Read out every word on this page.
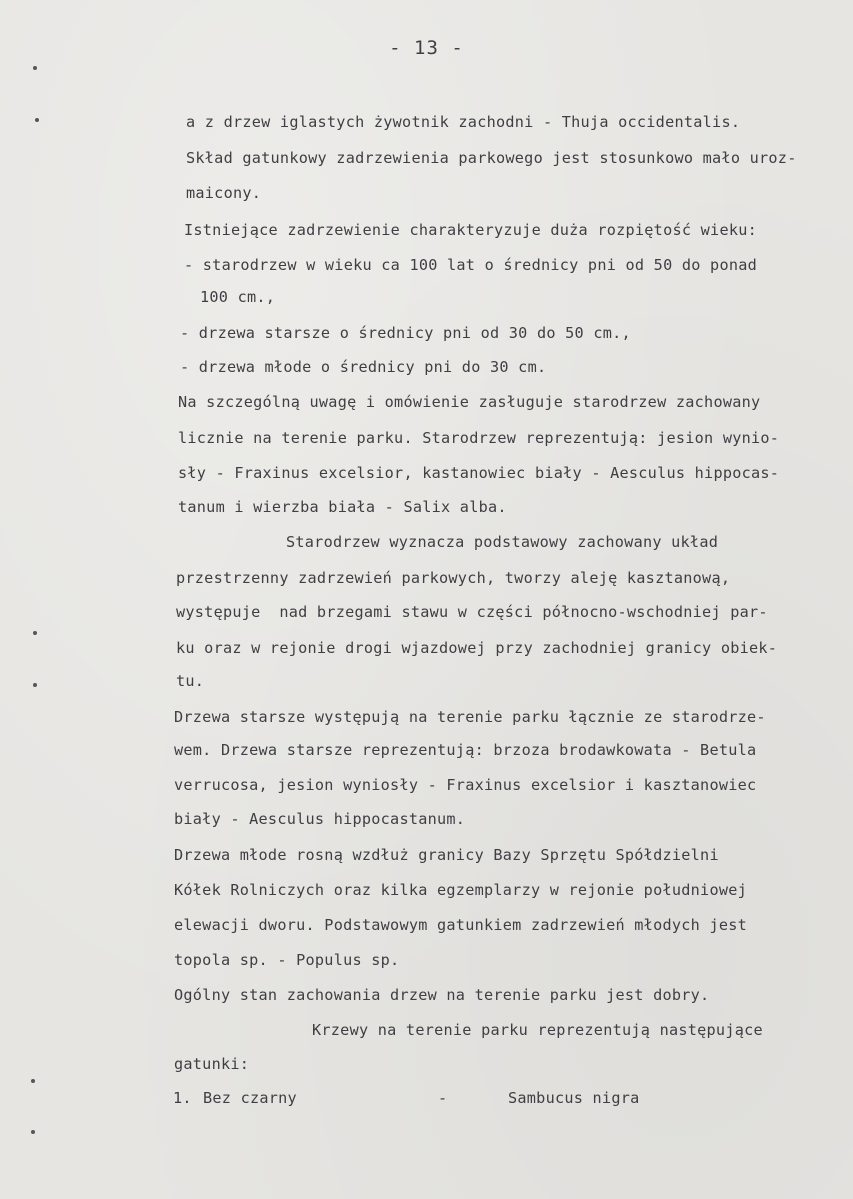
- 13 -
a z drzew iglastych żywotnik zachodni - Thuja occidentalis.
Skład gatunkowy zadrzewienia parkowego jest stosunkowo mało uroz-
maicony.
Istniejące zadrzewienie charakteryzuje duża rozpiętość wieku:
- starodrzew w wieku ca 100 lat o średnicy pni od 50 do ponad
100 cm.,
- drzewa starsze o średnicy pni od 30 do 50 cm.,
- drzewa młode o średnicy pni do 30 cm.
Na szczególną uwagę i omówienie zasługuje starodrzew zachowany
licznie na terenie parku. Starodrzew reprezentują: jesion wynio-
sły - Fraxinus excelsior, kastanowiec biały - Aesculus hippocas-
tanum i wierzba biała - Salix alba.
Starodrzew wyznacza podstawowy zachowany układ
przestrzenny zadrzewień parkowych, tworzy aleję kasztanową,
występuje  nad brzegami stawu w części północno-wschodniej par-
ku oraz w rejonie drogi wjazdowej przy zachodniej granicy obiek-
tu.
Drzewa starsze występują na terenie parku łącznie ze starodrze-
wem. Drzewa starsze reprezentują: brzoza brodawkowata - Betula
verrucosa, jesion wyniosły - Fraxinus excelsior i kasztanowiec
biały - Aesculus hippocastanum.
Drzewa młode rosną wzdłuż granicy Bazy Sprzętu Spółdzielni
Kółek Rolniczych oraz kilka egzemplarzy w rejonie południowej
elewacji dworu. Podstawowym gatunkiem zadrzewień młodych jest
topola sp. - Populus sp.
Ogólny stan zachowania drzew na terenie parku jest dobry.
Krzewy na terenie parku reprezentują następujące
gatunki:
1. Bez czarny	-	Sambucus nigra
